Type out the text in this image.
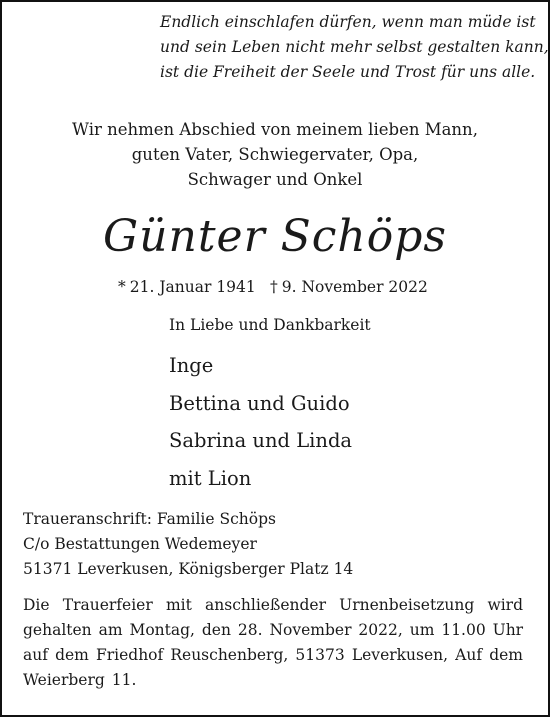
Endlich einschlafen dürfen, wenn man müde ist
und sein Leben nicht mehr selbst gestalten kann,
ist die Freiheit der Seele und Trost für uns alle.
Wir nehmen Abschied von meinem lieben Mann,
guten Vater, Schwiegervater, Opa,
Schwager und Onkel
Günter Schöps
* 21. Januar 1941 † 9. November 2022
In Liebe und Dankbarkeit
Inge
Bettina und Guido
Sabrina und Linda
mit Lion
Traueranschrift: Familie Schöps
C/o Bestattungen Wedemeyer
51371 Leverkusen, Königsberger Platz 14
Die Trauerfeier mit anschließender Urnenbeisetzung wird
gehalten am Montag, den 28. November 2022, um 11.00 Uhr
auf dem Friedhof Reuschenberg, 51373 Leverkusen, Auf dem
Weierberg 11.
